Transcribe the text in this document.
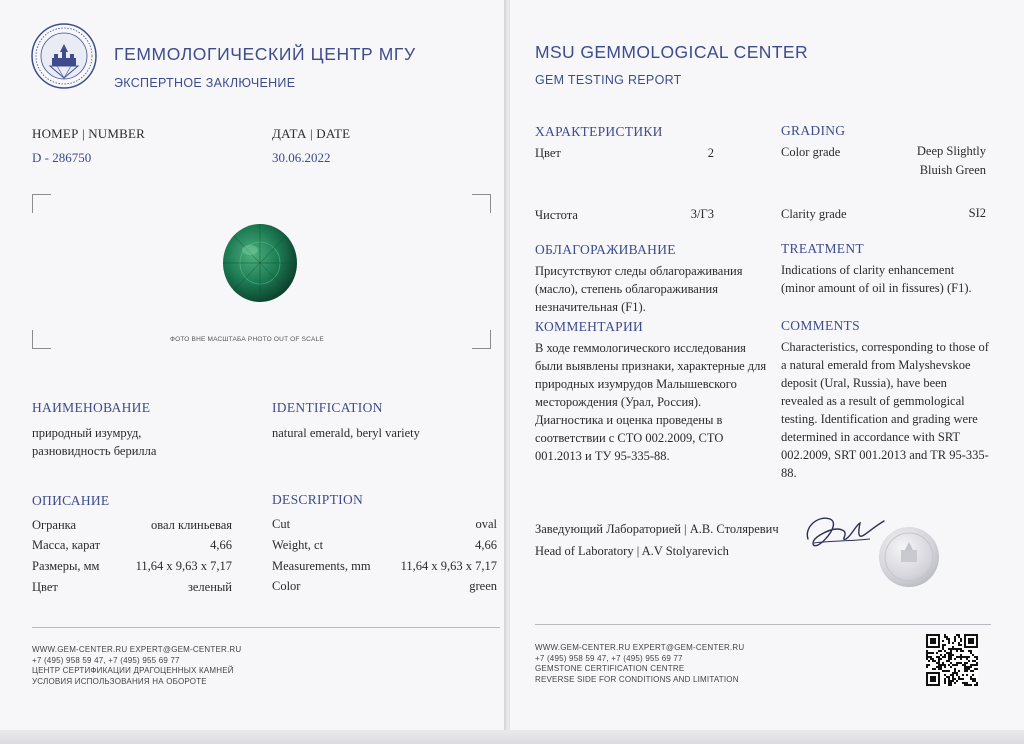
ГЕММОЛОГИЧЕСКИЙ ЦЕНТР МГУ
ЭКСПЕРТНОЕ ЗАКЛЮЧЕНИЕ
НОМЕР | NUMBER
D - 286750
ДАТА | DATE
30.06.2022
ФОТО ВНЕ МАСШТАБА PHOTO OUT OF SCALE
НАИМЕНОВАНИЕ
природный изумруд, разновидность берилла
IDENTIFICATION
natural emerald, beryl variety
ОПИСАНИЕ	DESCRIPTION
Огранка	овал клиньевая
Масса, карат	4,66
Размеры, мм	11,64 x 9,63 x 7,17
Цвет	зеленый
Cut	oval
Weight, ct	4,66
Measurements, mm	11,64 x 9,63 x 7,17
Color	green
WWW.GEM-CENTER.RU EXPERT@GEM-CENTER.RU
+7 (495) 958 59 47, +7 (495) 955 69 77
ЦЕНТР СЕРТИФИКАЦИИ ДРАГОЦЕННЫХ КАМНЕЙ
УСЛОВИЯ ИСПОЛЬЗОВАНИЯ НА ОБОРОТЕ
MSU GEMMOLOGICAL CENTER
GEM TESTING REPORT
ХАРАКТЕРИСТИКИ	GRADING
Цвет	2	Color grade	Deep Slightly
Bluish Green
Чистота	3/Г3	Clarity grade	SI2
ОБЛАГОРАЖИВАНИЕ
Присутствуют следы облагораживания (масло), степень облагораживания незначительная (F1).
TREATMENT
Indications of clarity enhancement (minor amount of oil in fissures) (F1).
КОММЕНТАРИИ
В ходе геммологического исследования были выявлены признаки, характерные для природных изумрудов Малышевского месторождения (Урал, Россия). Диагностика и оценка проведены в соответствии с СТО 002.2009, СТО 001.2013 и ТУ 95-335-88.
COMMENTS
Characteristics, corresponding to those of a natural emerald from Malyshevskoe deposit (Ural, Russia), have been revealed as a result of gemmological testing. Identification and grading were determined in accordance with SRT 002.2009, SRT 001.2013 and TR 95-335-88.
Заведующий Лабораторией | А.В. Столяревич
Head of Laboratory | A.V Stolyarevich
WWW.GEM-CENTER.RU EXPERT@GEM-CENTER.RU
+7 (495) 958 59 47, +7 (495) 955 69 77
GEMSTONE CERTIFICATION CENTRE
REVERSE SIDE FOR CONDITIONS AND LIMITATION
